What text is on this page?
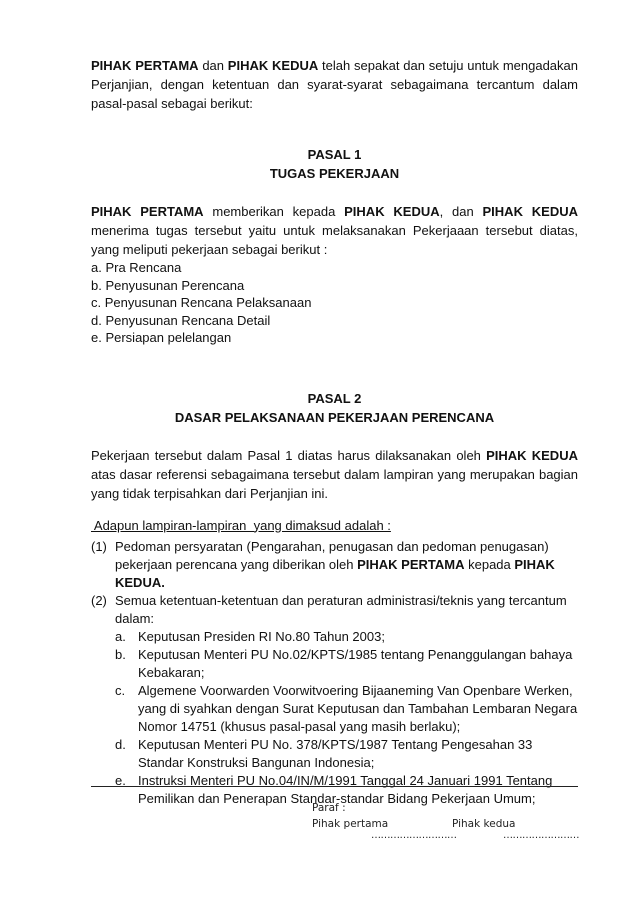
PIHAK PERTAMA dan PIHAK KEDUA telah sepakat dan setuju untuk mengadakan Perjanjian, dengan ketentuan dan syarat-syarat sebagaimana tercantum dalam pasal-pasal sebagai berikut:

PASAL 1
TUGAS PEKERJAAN

PIHAK PERTAMA memberikan kepada PIHAK KEDUA, dan PIHAK KEDUA menerima tugas tersebut yaitu untuk melaksanakan Pekerjaaan tersebut diatas, yang meliputi pekerjaan sebagai berikut :

a. Pra Rencana
b. Penyusunan Perencana
c. Penyusunan Rencana Pelaksanaan
d. Penyusunan Rencana Detail
e. Persiapan pelelangan
PASAL 2
DASAR PELAKSANAAN PEKERJAAN PERENCANA

Pekerjaan tersebut dalam Pasal 1 diatas harus dilaksanakan oleh PIHAK KEDUA atas dasar referensi sebagaimana tersebut dalam lampiran yang merupakan bagian yang tidak terpisahkan dari Perjanjian ini.

Adapun lampiran-lampiran  yang dimaksud adalah :

(1) Pedoman persyaratan (Pengarahan, penugasan dan pedoman penugasan) pekerjaan perencana yang diberikan oleh PIHAK PERTAMA kepada PIHAK KEDUA.
(2) Semua ketentuan-ketentuan dan peraturan administrasi/teknis yang tercantum dalam:
a. Keputusan Presiden RI No.80 Tahun 2003;
b. Keputusan Menteri PU No.02/KPTS/1985 tentang Penanggulangan bahaya Kebakaran;
c. Algemene Voorwarden Voorwitvoering Bijaaneming Van Openbare Werken, yang di syahkan dengan Surat Keputusan dan Tambahan Lembaran Negara Nomor 14751 (khusus pasal-pasal yang masih berlaku);
d. Keputusan Menteri PU No. 378/KPTS/1987 Tentang Pengesahan 33 Standar Konstruksi Bangunan Indonesia;
e. Instruksi Menteri PU No.04/IN/M/1991 Tanggal 24 Januari 1991 Tentang Pemilikan dan Penerapan Standar-standar Bidang Pekerjaan Umum;
Paraf :
Pihak pertama	Pihak kedua
………………………	……………………
